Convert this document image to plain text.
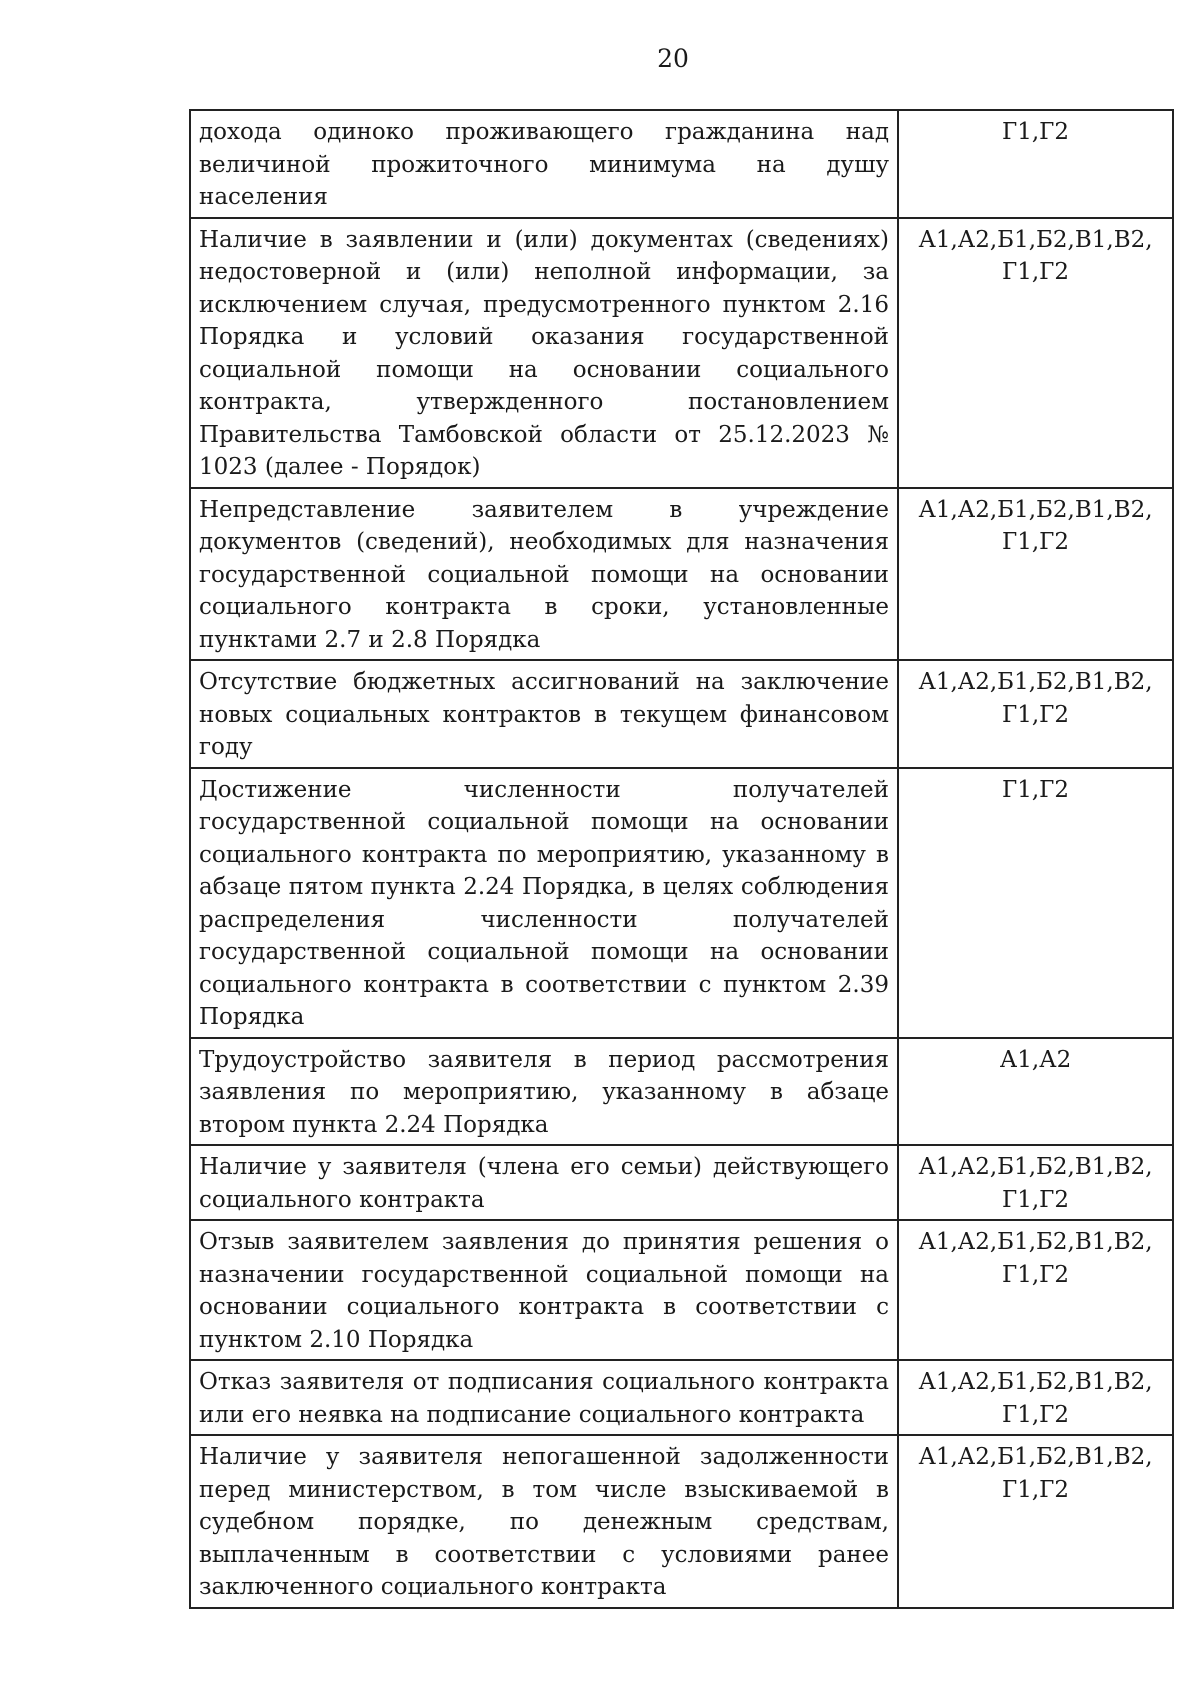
20
дохода одиноко проживающего гражданина над величиной прожиточного минимума на душу населения	Г1,Г2

Наличие в заявлении и (или) документах (сведениях) недостоверной и (или) неполной информации, за исключением случая, предусмотренного пунктом 2.16 Порядка и условий оказания государственной социальной помощи на основании социального контракта, утвержденного постановлением Правительства Тамбовской области от 25.12.2023 № 1023 (далее - Порядок)	А1,А2,Б1,Б2,В1,В2,
Г1,Г2

Непредставление заявителем в учреждение документов (сведений), необходимых для назначения государственной социальной помощи на основании социального контракта в сроки, установленные пунктами 2.7 и 2.8 Порядка	А1,А2,Б1,Б2,В1,В2,
Г1,Г2

Отсутствие бюджетных ассигнований на заключение новых социальных контрактов в текущем финансовом году	А1,А2,Б1,Б2,В1,В2,
Г1,Г2

Достижение численности получателей государственной социальной помощи на основании социального контракта по мероприятию, указанному в абзаце пятом пункта 2.24 Порядка, в целях соблюдения распределения численности получателей государственной социальной помощи на основании социального контракта в соответствии с пунктом 2.39 Порядка	Г1,Г2

Трудоустройство заявителя в период рассмотрения заявления по мероприятию, указанному в абзаце втором пункта 2.24 Порядка	А1,А2

Наличие у заявителя (члена его семьи) действующего социального контракта	А1,А2,Б1,Б2,В1,В2,
Г1,Г2

Отзыв заявителем заявления до принятия решения о назначении государственной социальной помощи на основании социального контракта в соответствии с пунктом 2.10 Порядка	А1,А2,Б1,Б2,В1,В2,
Г1,Г2

Отказ заявителя от подписания социального контракта или его неявка на подписание социального контракта	А1,А2,Б1,Б2,В1,В2,
Г1,Г2

Наличие у заявителя непогашенной задолженности перед министерством, в том числе взыскиваемой в судебном порядке, по денежным средствам, выплаченным в соответствии с условиями ранее заключенного социального контракта	А1,А2,Б1,Б2,В1,В2,
Г1,Г2
